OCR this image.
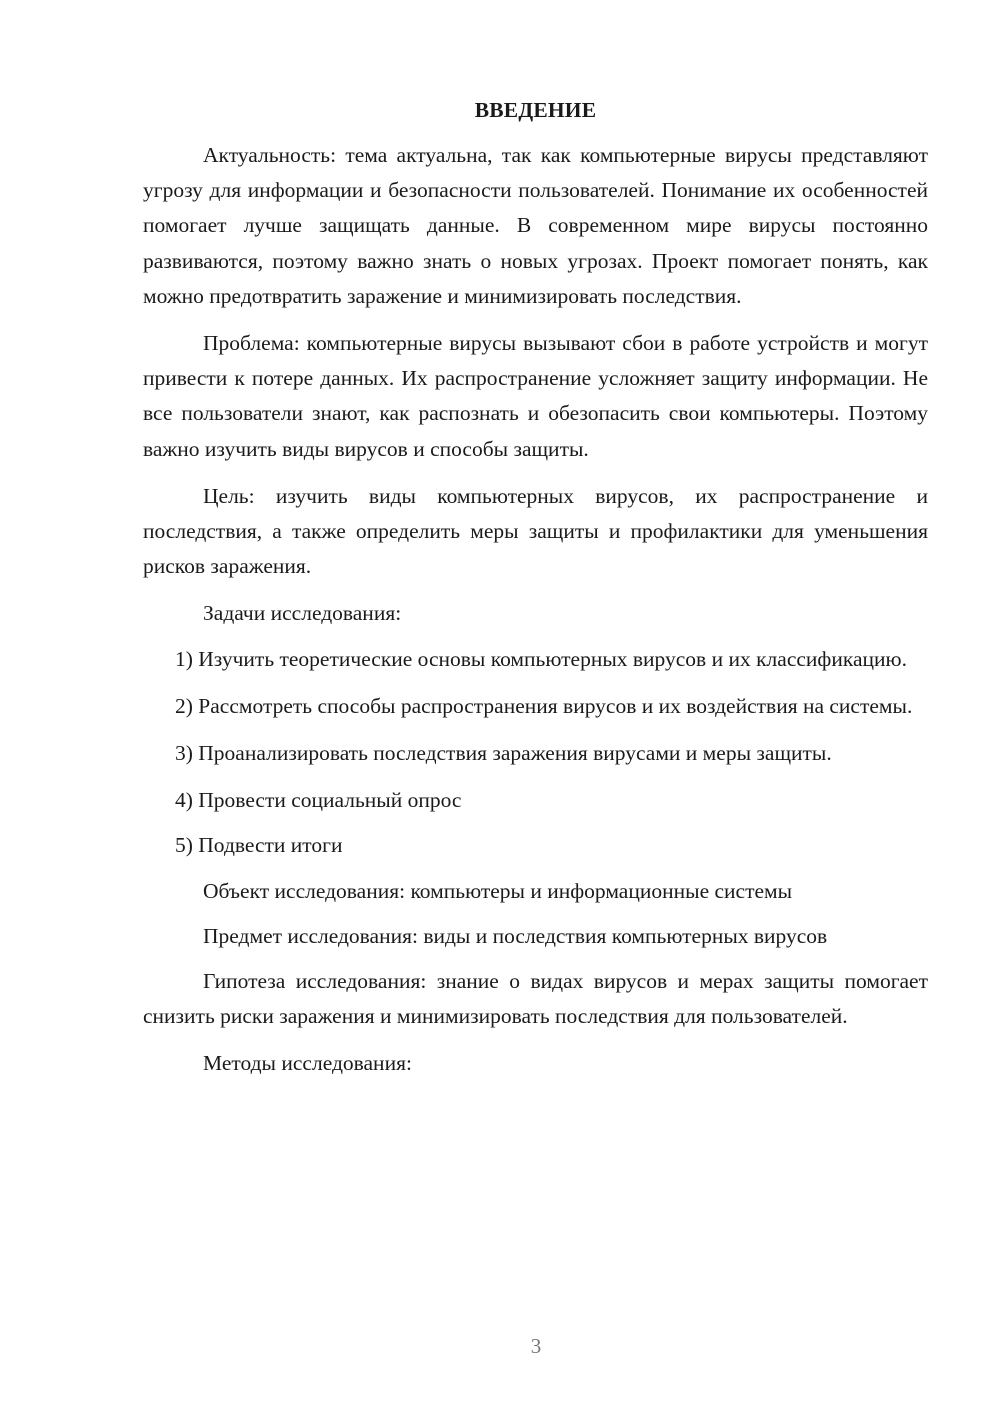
ВВЕДЕНИЕ
Актуальность: тема актуальна, так как компьютерные вирусы представляют угрозу для информации и безопасности пользователей. Понимание их особенностей помогает лучше защищать данные. В современном мире вирусы постоянно развиваются, поэтому важно знать о новых угрозах. Проект помогает понять, как можно предотвратить заражение и минимизировать последствия.
Проблема: компьютерные вирусы вызывают сбои в работе устройств и могут привести к потере данных. Их распространение усложняет защиту информации. Не все пользователи знают, как распознать и обезопасить свои компьютеры. Поэтому важно изучить виды вирусов и способы защиты.
Цель: изучить виды компьютерных вирусов, их распространение и последствия, а также определить меры защиты и профилактики для уменьшения рисков заражения.
Задачи исследования:
1) Изучить теоретические основы компьютерных вирусов и их классификацию.
2) Рассмотреть способы распространения вирусов и их воздействия на системы.
3) Проанализировать последствия заражения вирусами и меры защиты.
4) Провести социальный опрос
5) Подвести итоги
Объект исследования: компьютеры и информационные системы
Предмет исследования: виды и последствия компьютерных вирусов
Гипотеза исследования: знание о видах вирусов и мерах защиты помогает снизить риски заражения и минимизировать последствия для пользователей.
Методы исследования:
3
